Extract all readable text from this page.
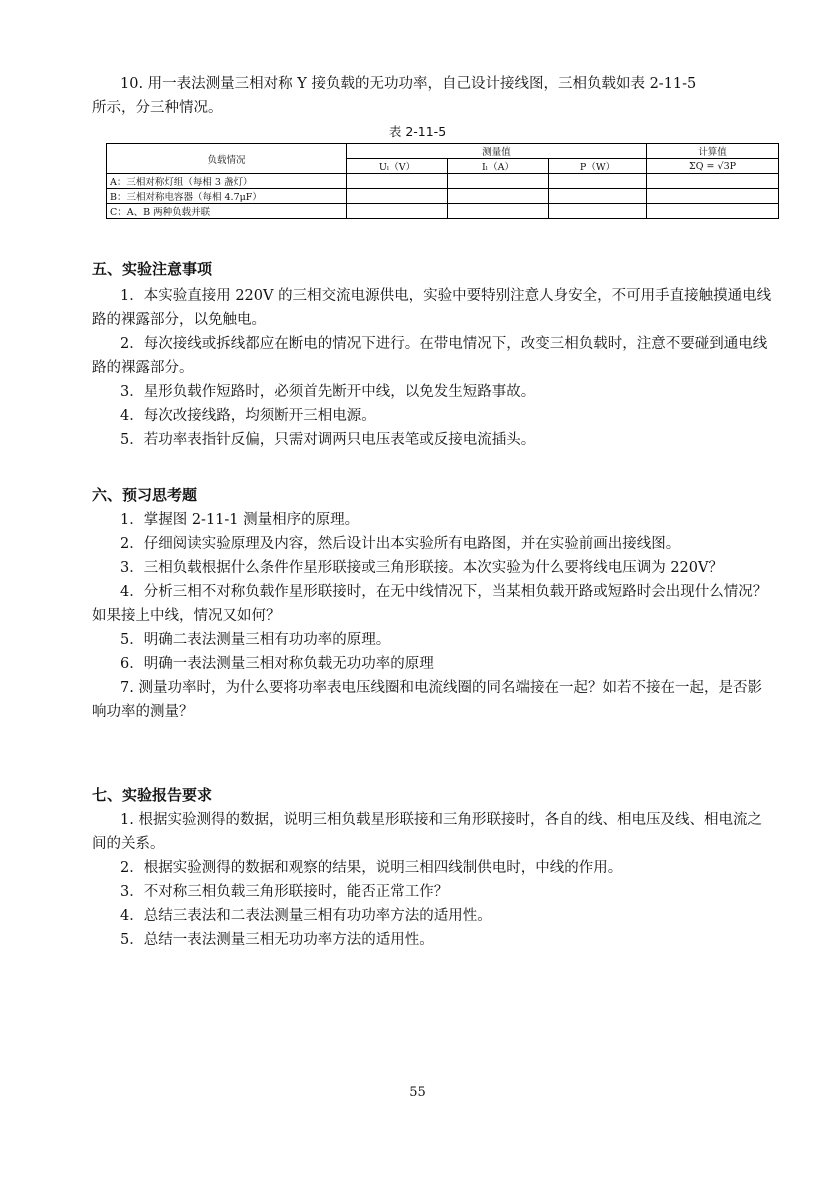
10. 用一表法测量三相对称 Y 接负载的无功功率，自己设计接线图，三相负载如表 2-11-5
所示，分三种情况。
表 2-11-5
负载情况	测量值			计算值
	Uₗ（V）	Iₗ（A）	P（W）	ΣQ = √3P
A：三相对称灯组（每相 3 盏灯）				
B：三相对称电容器（每相 4.7μF）				
C：A、B 两种负载并联				
五、实验注意事项
1．本实验直接用 220V 的三相交流电源供电，实验中要特别注意人身安全，不可用手直接触摸通电线路的裸露部分，以免触电。
2．每次接线或拆线都应在断电的情况下进行。在带电情况下，改变三相负载时，注意不要碰到通电线路的裸露部分。
3．星形负载作短路时，必须首先断开中线，以免发生短路事故。
4．每次改接线路，均须断开三相电源。
5．若功率表指针反偏，只需对调两只电压表笔或反接电流插头。
六、预习思考题
1．掌握图 2-11-1 测量相序的原理。
2．仔细阅读实验原理及内容，然后设计出本实验所有电路图，并在实验前画出接线图。
3．三相负载根据什么条件作星形联接或三角形联接。本次实验为什么要将线电压调为 220V？
4．分析三相不对称负载作星形联接时，在无中线情况下，当某相负载开路或短路时会出现什么情况？如果接上中线，情况又如何？
5．明确二表法测量三相有功功率的原理。
6．明确一表法测量三相对称负载无功功率的原理
7. 测量功率时，为什么要将功率表电压线圈和电流线圈的同名端接在一起？如若不接在一起，是否影响功率的测量？
七、实验报告要求
1. 根据实验测得的数据，说明三相负载星形联接和三角形联接时，各自的线、相电压及线、相电流之间的关系。
2．根据实验测得的数据和观察的结果，说明三相四线制供电时，中线的作用。
3．不对称三相负载三角形联接时，能否正常工作？
4．总结三表法和二表法测量三相有功功率方法的适用性。
5．总结一表法测量三相无功功率方法的适用性。
55
